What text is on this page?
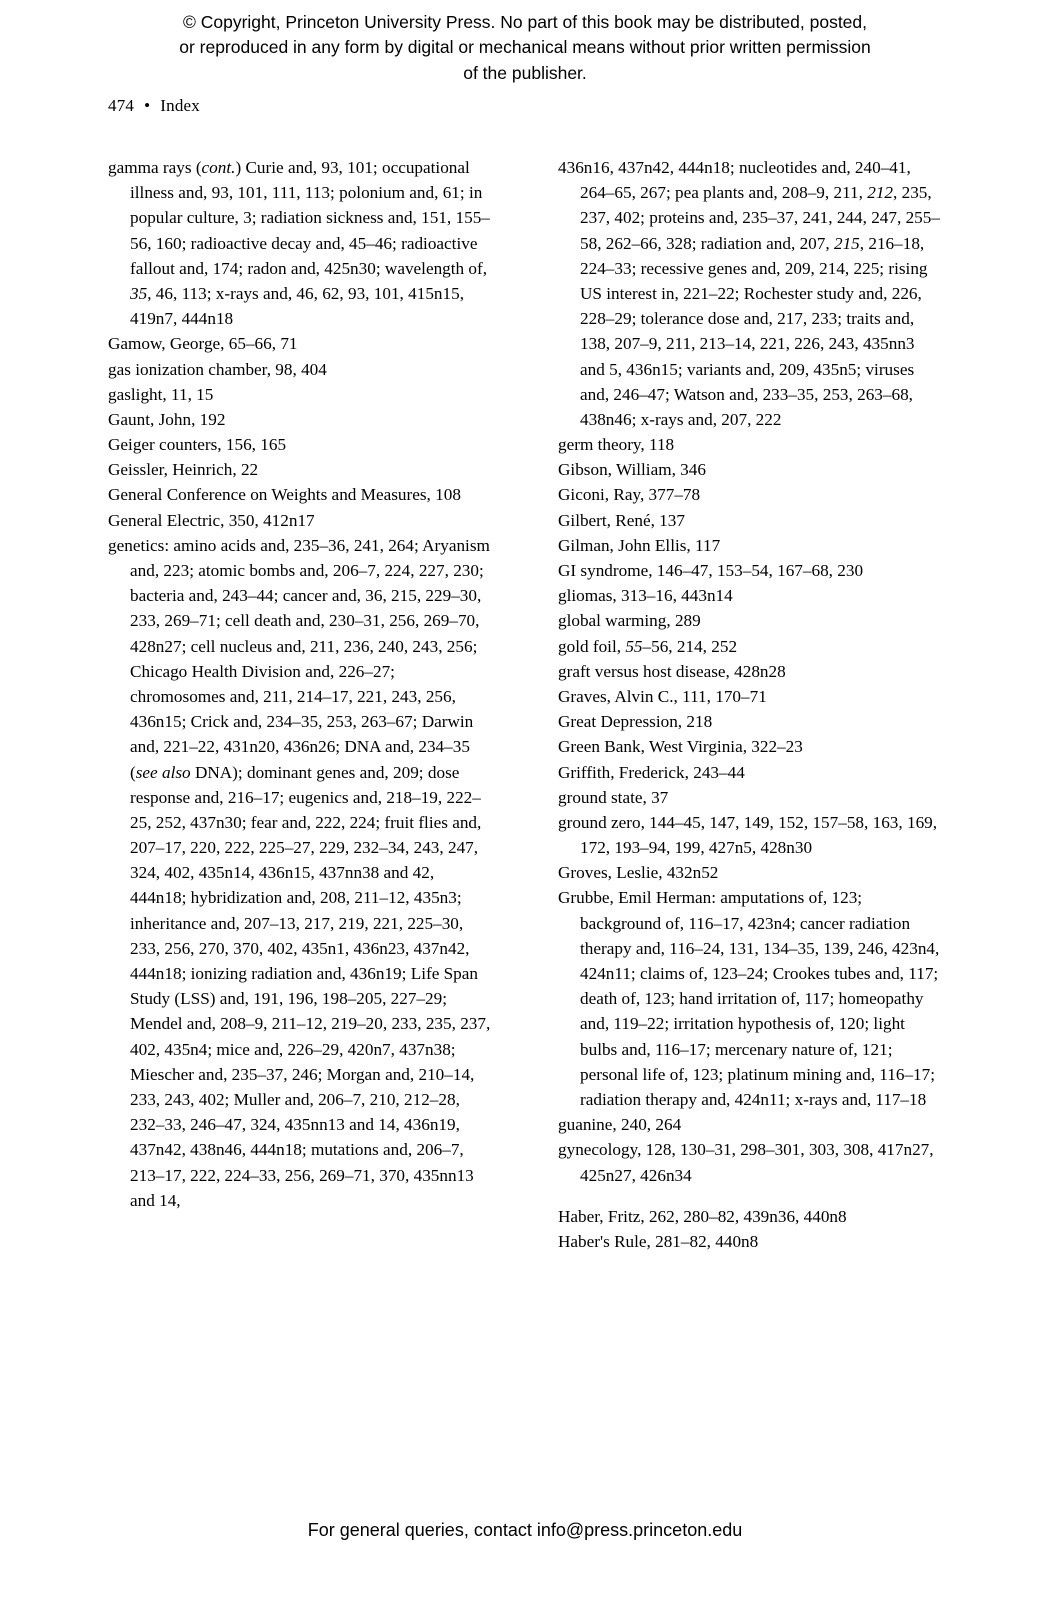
© Copyright, Princeton University Press. No part of this book may be distributed, posted, or reproduced in any form by digital or mechanical means without prior written permission of the publisher.
474 • Index
gamma rays (cont.) Curie and, 93, 101; occupational illness and, 93, 101, 111, 113; polonium and, 61; in popular culture, 3; radiation sickness and, 151, 155–56, 160; radioactive decay and, 45–46; radioactive fallout and, 174; radon and, 425n30; wavelength of, 35, 46, 113; x-rays and, 46, 62, 93, 101, 415n15, 419n7, 444n18
Gamow, George, 65–66, 71
gas ionization chamber, 98, 404
gaslight, 11, 15
Gaunt, John, 192
Geiger counters, 156, 165
Geissler, Heinrich, 22
General Conference on Weights and Measures, 108
General Electric, 350, 412n17
genetics: amino acids and, 235–36, 241, 264; Aryanism and, 223; atomic bombs and, 206–7, 224, 227, 230; bacteria and, 243–44; cancer and, 36, 215, 229–30, 233, 269–71; cell death and, 230–31, 256, 269–70, 428n27; cell nucleus and, 211, 236, 240, 243, 256; Chicago Health Division and, 226–27; chromosomes and, 211, 214–17, 221, 243, 256, 436n15; Crick and, 234–35, 253, 263–67; Darwin and, 221–22, 431n20, 436n26; DNA and, 234–35 (see also DNA); dominant genes and, 209; dose response and, 216–17; eugenics and, 218–19, 222–25, 252, 437n30; fear and, 222, 224; fruit flies and, 207–17, 220, 222, 225–27, 229, 232–34, 243, 247, 324, 402, 435n14, 436n15, 437nn38 and 42, 444n18; hybridization and, 208, 211–12, 435n3; inheritance and, 207–13, 217, 219, 221, 225–30, 233, 256, 270, 370, 402, 435n1, 436n23, 437n42, 444n18; ionizing radiation and, 436n19; Life Span Study (LSS) and, 191, 196, 198–205, 227–29; Mendel and, 208–9, 211–12, 219–20, 233, 235, 237, 402, 435n4; mice and, 226–29, 420n7, 437n38; Miescher and, 235–37, 246; Morgan and, 210–14, 233, 243, 402; Muller and, 206–7, 210, 212–28, 232–33, 246–47, 324, 435nn13 and 14, 436n19, 437n42, 438n46, 444n18; mutations and, 206–7, 213–17, 222, 224–33, 256, 269–71, 370, 435nn13 and 14,
436n16, 437n42, 444n18; nucleotides and, 240–41, 264–65, 267; pea plants and, 208–9, 211, 212, 235, 237, 402; proteins and, 235–37, 241, 244, 247, 255–58, 262–66, 328; radiation and, 207, 215, 216–18, 224–33; recessive genes and, 209, 214, 225; rising US interest in, 221–22; Rochester study and, 226, 228–29; tolerance dose and, 217, 233; traits and, 138, 207–9, 211, 213–14, 221, 226, 243, 435nn3 and 5, 436n15; variants and, 209, 435n5; viruses and, 246–47; Watson and, 233–35, 253, 263–68, 438n46; x-rays and, 207, 222
germ theory, 118
Gibson, William, 346
Giconi, Ray, 377–78
Gilbert, René, 137
Gilman, John Ellis, 117
GI syndrome, 146–47, 153–54, 167–68, 230
gliomas, 313–16, 443n14
global warming, 289
gold foil, 55–56, 214, 252
graft versus host disease, 428n28
Graves, Alvin C., 111, 170–71
Great Depression, 218
Green Bank, West Virginia, 322–23
Griffith, Frederick, 243–44
ground state, 37
ground zero, 144–45, 147, 149, 152, 157–58, 163, 169, 172, 193–94, 199, 427n5, 428n30
Groves, Leslie, 432n52
Grubbe, Emil Herman: amputations of, 123; background of, 116–17, 423n4; cancer radiation therapy and, 116–24, 131, 134–35, 139, 246, 423n4, 424n11; claims of, 123–24; Crookes tubes and, 117; death of, 123; hand irritation of, 117; homeopathy and, 119–22; irritation hypothesis of, 120; light bulbs and, 116–17; mercenary nature of, 121; personal life of, 123; platinum mining and, 116–17; radiation therapy and, 424n11; x-rays and, 117–18
guanine, 240, 264
gynecology, 128, 130–31, 298–301, 303, 308, 417n27, 425n27, 426n34
Haber, Fritz, 262, 280–82, 439n36, 440n8
Haber's Rule, 281–82, 440n8
For general queries, contact info@press.princeton.edu
